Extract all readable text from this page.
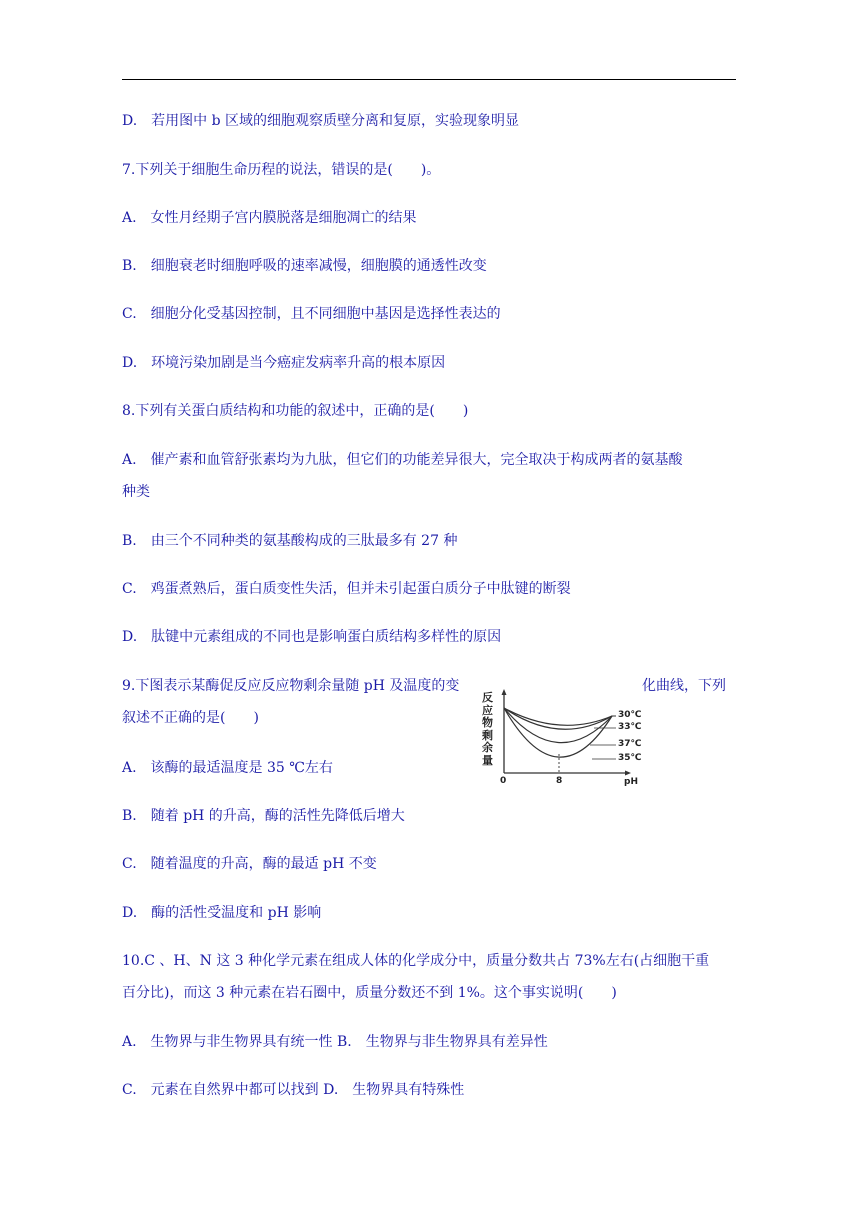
D.　若用图中 b 区域的细胞观察质壁分离和复原，实验现象明显
7.下列关于细胞生命历程的说法，错误的是(　　)。
A.　女性月经期子宫内膜脱落是细胞凋亡的结果
B.　细胞衰老时细胞呼吸的速率减慢，细胞膜的通透性改变
C.　细胞分化受基因控制，且不同细胞中基因是选择性表达的
D.　环境污染加剧是当今癌症发病率升高的根本原因
8.下列有关蛋白质结构和功能的叙述中，正确的是(　　)
A.　催产素和血管舒张素均为九肽，但它们的功能差异很大，完全取决于构成两者的氨基酸
种类
B.　由三个不同种类的氨基酸构成的三肽最多有 27 种
C.　鸡蛋煮熟后，蛋白质变性失活，但并未引起蛋白质分子中肽键的断裂
D.　肽键中元素组成的不同也是影响蛋白质结构多样性的原因
9.下图表示某酶促反应反应物剩余量随 pH 及温度的变	化曲线，下列
叙述不正确的是(　　)
A.　该酶的最适温度是 35 ℃左右
B.　随着 pH 的升高，酶的活性先降低后增大
C.　随着温度的升高，酶的最适 pH 不变
D.　酶的活性受温度和 pH 影响
10.C 、H、N 这 3 种化学元素在组成人体的化学成分中，质量分数共占 73%左右(占细胞干重
百分比)，而这 3 种元素在岩石圈中，质量分数还不到 1%。这个事实说明(　　)
A.　生物界与非生物界具有统一性 B.　生物界与非生物界具有差异性
C.　元素在自然界中都可以找到 D.　生物界具有特殊性
反应物剩余量
30℃
33℃
37℃
35℃
0	8	pH
